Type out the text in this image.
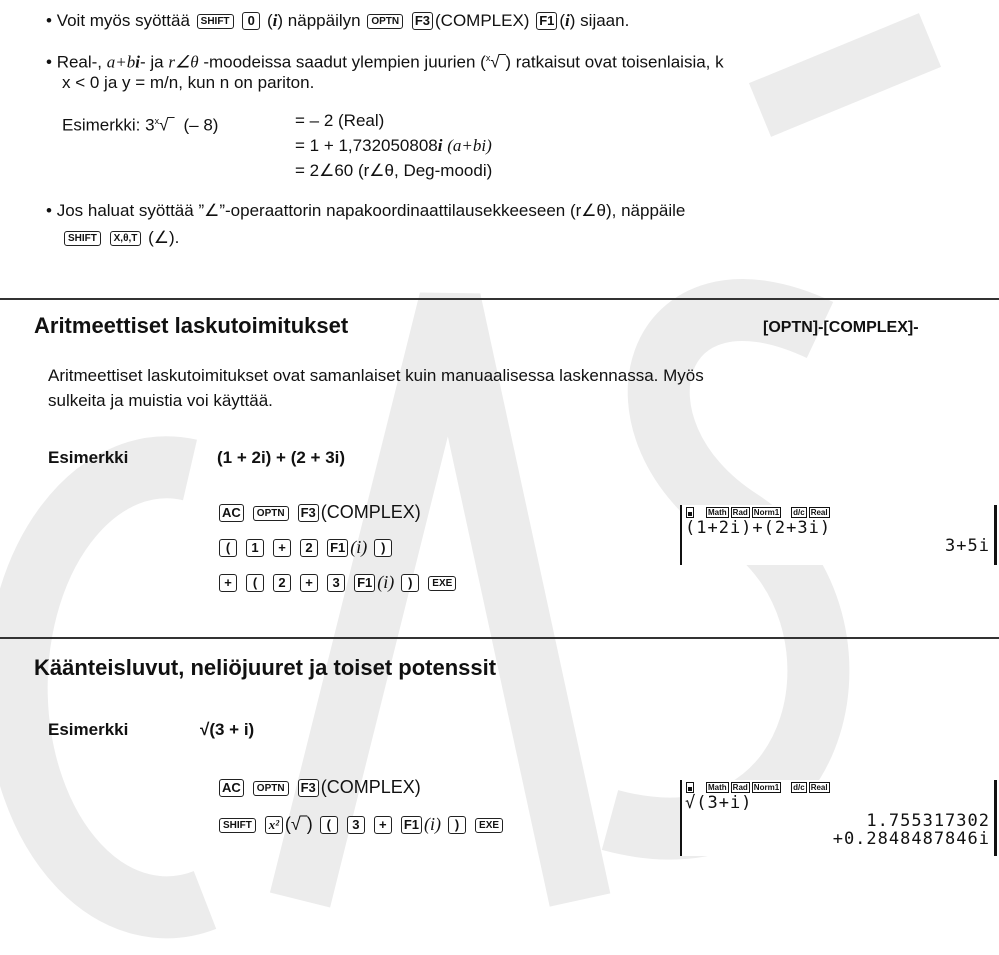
• Voit myös syöttää SHIFT 0 (i) näppäilyn OPTN F3 (COMPLEX) F1 (i) sijaan.
• Real-, a+bi- ja r∠θ -moodeissa saadut ylempien juurien ($^x$√‾) ratkaisut ovat toisenlaisia, k
x < 0 ja y = m/n, kun n on pariton.
Esimerkki: 3$^x$√‾  (– 8)	= – 2 (Real)
= 1 + 1,732050808i (a+bi)
= 2∠60 (r∠θ, Deg-moodi)
• Jos haluat syöttää ”∠”-operaattorin napakoordinaattilausekkeeseen (r∠θ), näppäile
SHIFT X,θ,T (∠).
Aritmeettiset laskutoimitukset	[OPTN]-[COMPLEX]-
Aritmeettiset laskutoimitukset ovat samanlaiset kuin manuaalisessa laskennassa. Myös
sulkeita ja muistia voi käyttää.
Esimerkki	(1 + 2i) + (2 + 3i)
AC OPTN F3 (COMPLEX)
( 1 + 2 F1 (i) )
+ ( 2 + 3 F1 (i) ) EXE
Math Rad Norm1 d/c Real
(1+2i)+(2+3i)
3+5i
Käänteisluvut, neliöjuuret ja toiset potenssit
Esimerkki	√(3 + i)
AC OPTN F3 (COMPLEX)
SHIFT x² (√‾) ( 3 + F1 (i) ) EXE
Math Rad Norm1 d/c Real
√(3+i)
1.755317302
+0.2848487846i
